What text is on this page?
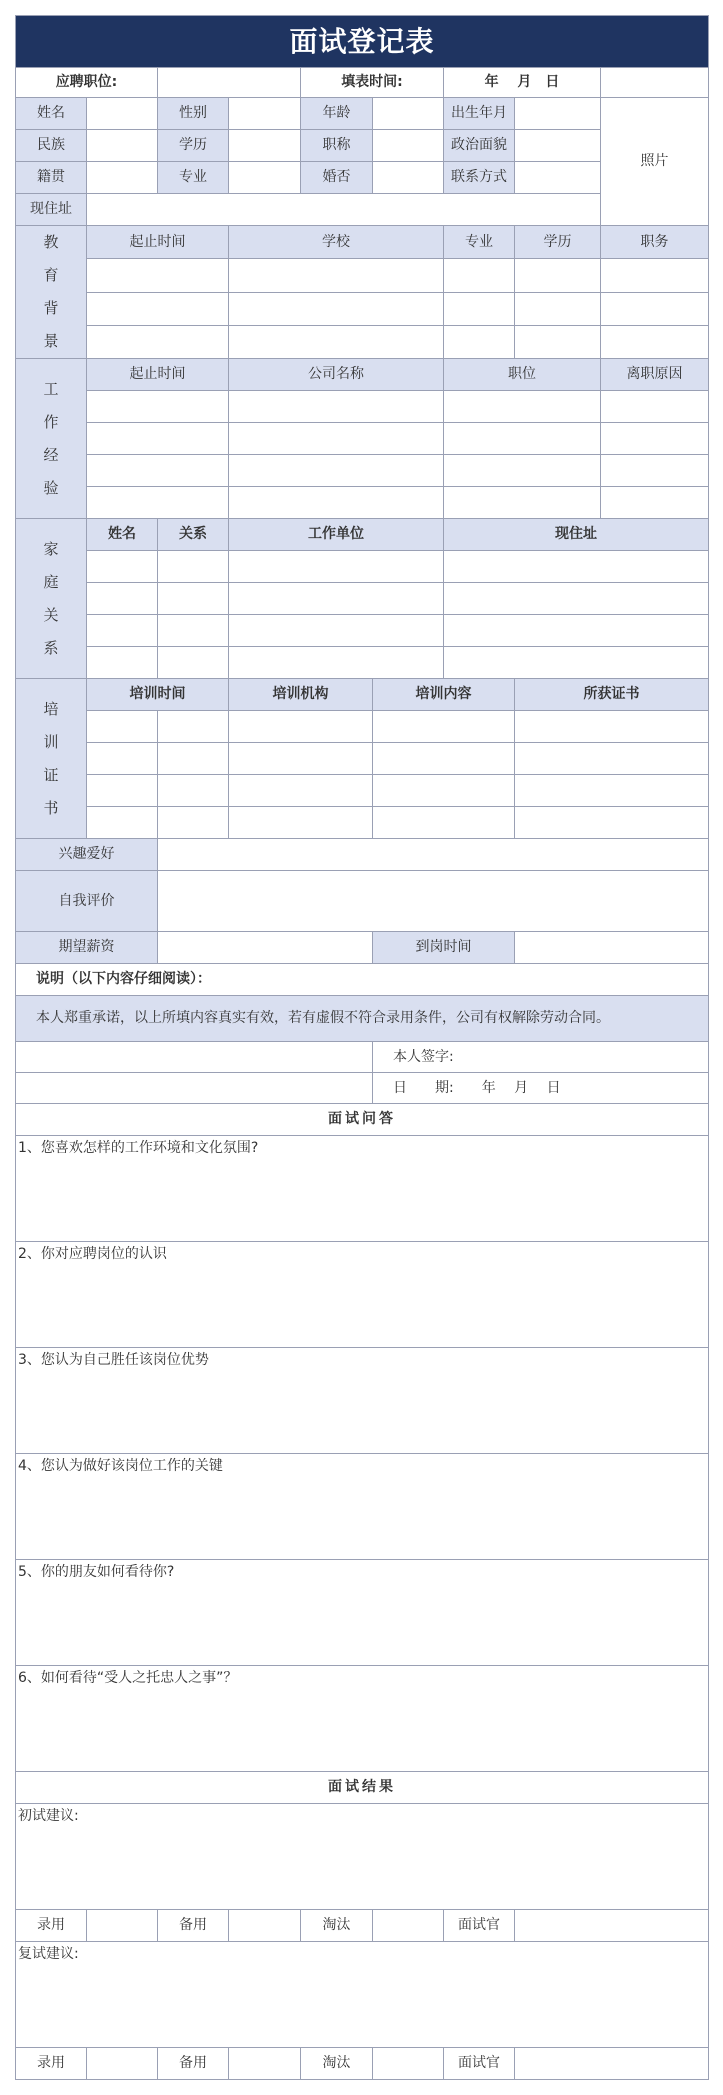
面试登记表								
应聘职位:				填表时间:		年　 月　日		
姓名		性别		年龄		出生年月		照片
民族		学历		职称		政治面貌		
籍贯		专业		婚否		联系方式		
现住址								
教育背景	起止时间		学校			专业	学历	职务

工作经验	起止时间		公司名称			职位		离职原因

家庭关系	姓名	关系	工作单位			现住址		

培训证书	培训时间		培训机构		培训内容		所获证书	

兴趣爱好								
自我评价								
期望薪资					到岗时间			
说明（以下内容仔细阅读）：								
本人郑重承诺，以上所填内容真实有效，若有虚假不符合录用条件，公司有权解除劳动合同。								
					本人签字:			
					日　　期:　　年　 月　 日			
面试问答								
1、您喜欢怎样的工作环境和文化氛围?								
2、你对应聘岗位的认识								
3、您认为自己胜任该岗位优势								
4、您认为做好该岗位工作的关键								
5、你的朋友如何看待你?								
6、如何看待“受人之托忠人之事”？								
面试结果								
初试建议:								
录用		备用		淘汰		面试官		
复试建议:								
录用		备用		淘汰		面试官		
